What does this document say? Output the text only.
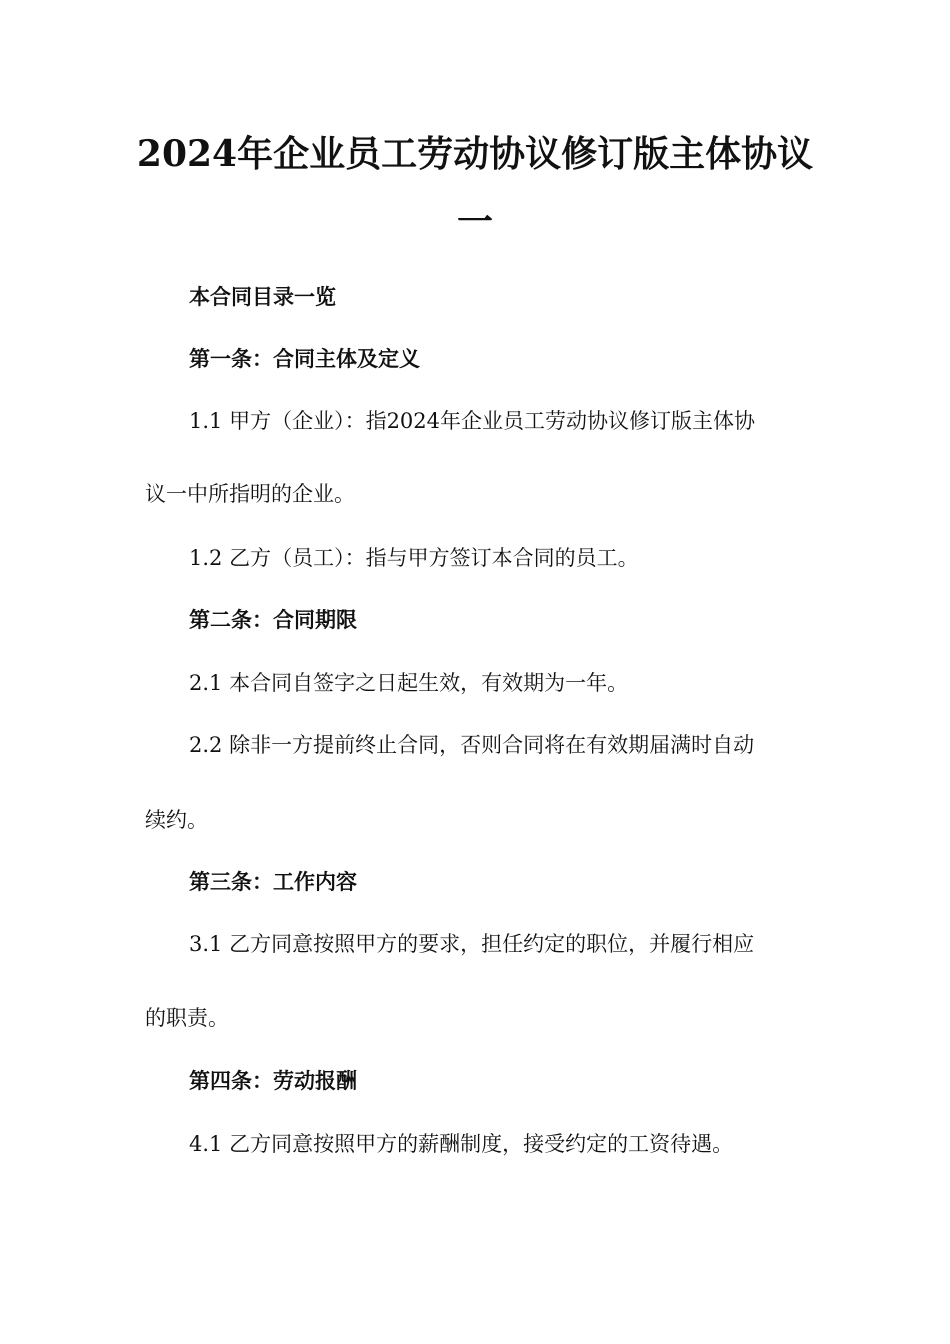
2024年企业员工劳动协议修订版主体协议
一
本合同目录一览
第一条：合同主体及定义
1.1 甲方（企业）：指2024年企业员工劳动协议修订版主体协
议一中所指明的企业。
1.2 乙方（员工）：指与甲方签订本合同的员工。
第二条：合同期限
2.1 本合同自签字之日起生效，有效期为一年。
2.2 除非一方提前终止合同，否则合同将在有效期届满时自动
续约。
第三条：工作内容
3.1 乙方同意按照甲方的要求，担任约定的职位，并履行相应
的职责。
第四条：劳动报酬
4.1 乙方同意按照甲方的薪酬制度，接受约定的工资待遇。
